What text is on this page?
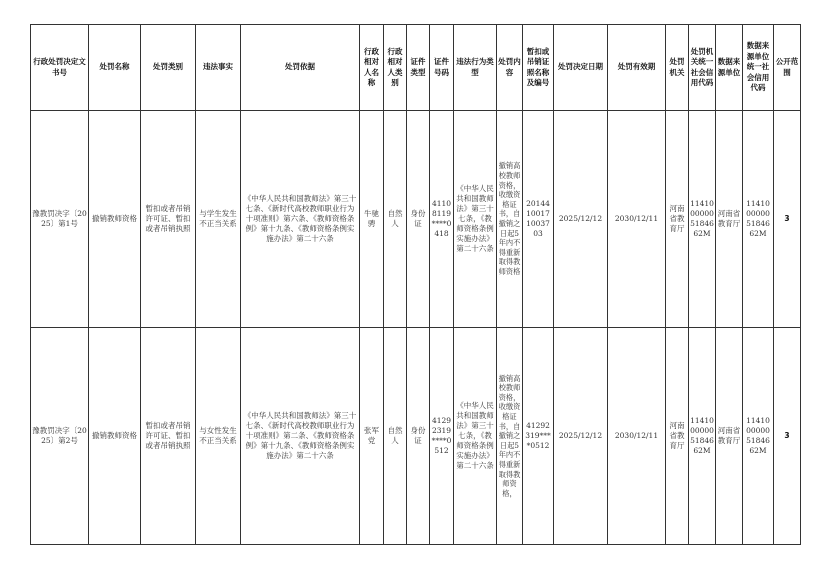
行政处罚决定文书号	处罚名称	处罚类别	违法事实	处罚依据	行政相对人名称	行政相对人类别	证件类型	证件号码	违法行为类型	处罚内容	暂扣或吊销证照名称及编号	处罚决定日期	处罚有效期	处罚机关	处罚机关统一社会信用代码	数据来源单位	数据来源单位统一社会信用代码	公开范围
豫教罚决字〔2025〕第1号	撤销教师资格	暂扣或者吊销许可证、暂扣或者吊销执照	与学生发生不正当关系	《中华人民共和国教师法》第三十七条、《新时代高校教师职业行为十项准则》第六条、《教师资格条例》第十九条、《教师资格条例实施办法》第二十六条	牛驰骋	自然人	身份证	41108119****0418	《中华人民共和国教师法》第三十七条，《教师资格条例实施办法》第二十六条	撤销高校教师资格，收缴资格证书，自撤销之日起5年内不得重新取得教师资格	20144100171003703	2025/12/12	2030/12/11	河南省教育厅	11410000005184662M	河南省教育厅	11410000005184662M	3
豫教罚决字〔2025〕第2号	撤销教师资格	暂扣或者吊销许可证、暂扣或者吊销执照	与女性发生不正当关系	《中华人民共和国教师法》第三十七条、《新时代高校教师职业行为十项准则》第二条、《教师资格条例》第十九条、《教师资格条例实施办法》第二十六条	张军党	自然人	身份证	41292319****0512	《中华人民共和国教师法》第三十七条，《教师资格条例实施办法》第二十六条	撤销高校教师资格，收缴资格证书，自撤销之日起5年内不得重新取得教师资格，	41292319****0512	2025/12/12	2030/12/11	河南省教育厅	11410000005184662M	河南省教育厅	11410000005184662M	3
